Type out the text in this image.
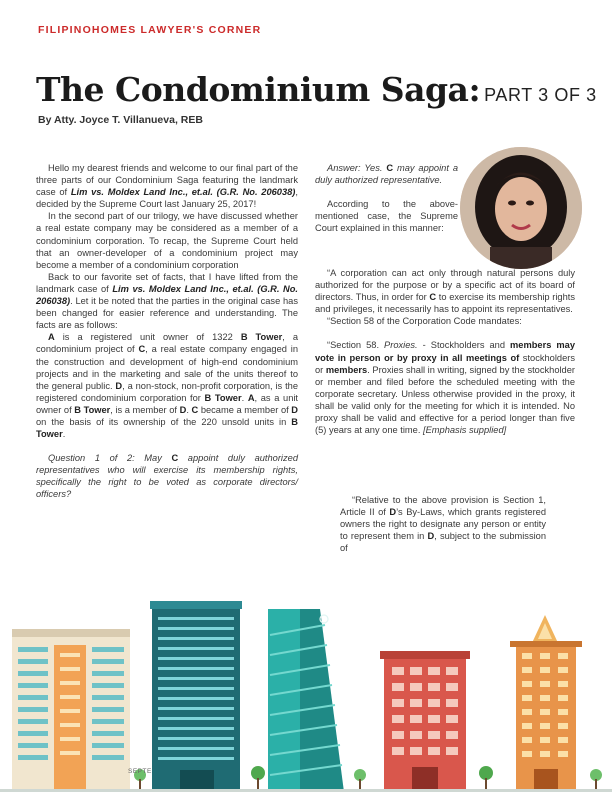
FILIPINOHOMES LAWYER'S CORNER
The Condominium Saga: PART 3 OF 3
By Atty. Joyce T. Villanueva, REB

Hello my dearest friends and welcome to our final part of the three parts of our Condominium Saga featuring the landmark case of Lim vs. Moldex Land Inc., et.al. (G.R. No. 206038), decided by the Supreme Court last January 25, 2017!

In the second part of our trilogy, we have discussed whether a real estate company may be considered as a member of a condominium corporation. To recap, the Supreme Court held that an owner-developer of a condominium project may become a member of a condominium corporation

Back to our favorite set of facts, that I have lifted from the landmark case of Lim vs. Moldex Land Inc., et.al. (G.R. No. 206038). Let it be noted that the parties in the original case has been changed for easier reference and understanding. The facts are as follows:

A is a registered unit owner of 1322 B Tower, a condominium project of C, a real estate company engaged in the construction and development of high-end condominium projects and in the marketing and sale of the units thereof to the general public. D, a non-stock, non-profit corporation, is the registered condominium corporation for B Tower. A, as a unit owner of B Tower, is a member of D. C became a member of D on the basis of its ownership of the 220 unsold units in B Tower.

Question 1 of 2: May C appoint duly authorized representatives who will exercise its membership rights, specifically the right to be voted as corporate directors/ officers?

Answer: Yes. C may appoint a duly authorized representative.

According to the above-mentioned case, the Supreme Court explained in this manner:

“A corporation can act only through natural persons duly authorized for the purpose or by a specific act of its board of directors. Thus, in order for C to exercise its membership rights and privileges, it necessarily has to appoint its representatives.

“Section 58 of the Corporation Code mandates:

“Section 58. Proxies. - Stockholders and members may vote in person or by proxy in all meetings of stockholders or members. Proxies shall in writing, signed by the stockholder or member and filed before the scheduled meeting with the corporate secretary. Unless otherwise provided in the proxy, it shall be valid only for the meeting for which it is intended. No proxy shall be valid and effective for a period longer than five (5) years at any one time. [Emphasis supplied]

“Relative to the above provision is Section 1, Article II of D’s By-Laws, which grants registered owners the right to designate any person or entity to represent them in D, subject to the submission of

SEPTE
